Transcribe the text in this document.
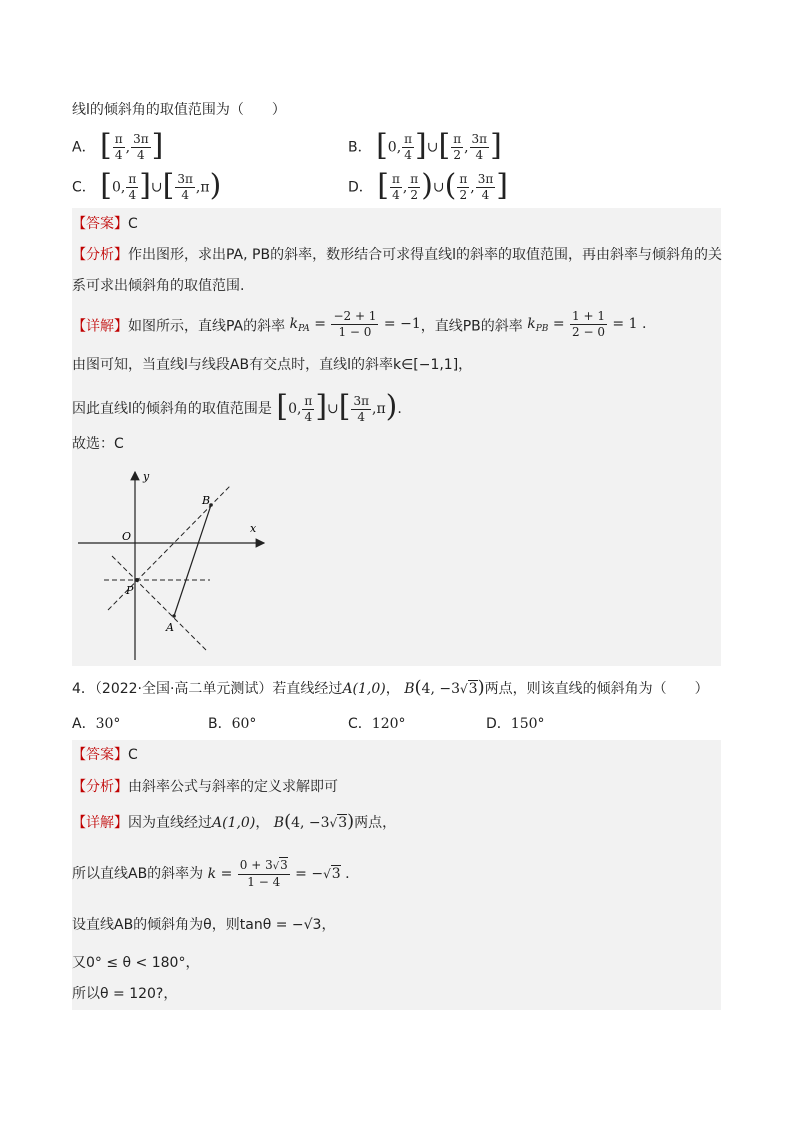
线l的倾斜角的取值范围为（　　）
A． [ $\frac{\pi}{4}$ , $\frac{3\pi}{4}$ ]	B． [0, $\frac{\pi}{4}$ ]∪[ $\frac{\pi}{2}$ , $\frac{3\pi}{4}$ ]
C． [0, $\frac{\pi}{4}$ ]∪[ $\frac{3\pi}{4} ,\pi$)	D． [ $\frac{\pi}{4}$ , $\frac{\pi}{2}$ )∪( $\frac{\pi}{2}$ , $\frac{3\pi}{4}$ ]
【答案】C
【分析】作出图形，求出PA, PB的斜率，数形结合可求得直线l的斜率的取值范围，再由斜率与倾斜角的关
系可求出倾斜角的取值范围.
【详解】如图所示，直线PA的斜率 $k_{PA} = \frac{-2 + 1}{1 - 0} = -1$，直线PB的斜率 $k_{PB} = \frac{1 + 1}{2 - 0} = 1$ .
由图可知，当直线l与线段AB有交点时，直线l的斜率k∈[−1,1]，
因此直线l的倾斜角的取值范围是 [0, $\frac{\pi}{4}$ ]∪[ $\frac{3\pi}{4} ,\pi$).
故选：C
y
x
O
B
P
A
4．（2022·全国·高二单元测试）若直线经过A(1,0)， B(4, −3√3)两点，则该直线的倾斜角为（　　）
A．30°	B．60°	C．120°	D．150°
【答案】C
【分析】由斜率公式与斜率的定义求解即可
【详解】因为直线经过A(1,0)， B(4, −3√3)两点，
所以直线AB的斜率为 $k = \frac{0 + 3√3}{1 - 4} = -√3$ .
设直线AB的倾斜角为θ，则tanθ = −√3，
又0° ≤ θ < 180°，
所以θ = 120?，
